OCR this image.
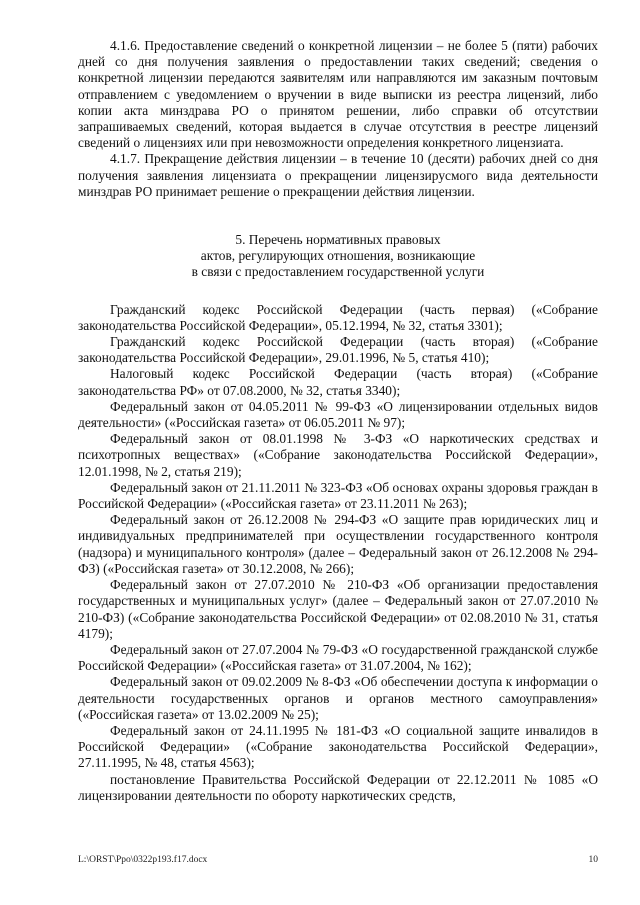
4.1.6. Предоставление сведений о конкретной лицензии – не более 5 (пяти) рабочих дней со дня получения заявления о предоставлении таких сведений; сведения о конкретной лицензии передаются заявителям или направляются им заказным почтовым отправлением с уведомлением о вручении в виде выписки из реестра лицензий, либо копии акта минздрава РО о принятом решении, либо справки об отсутствии запрашиваемых сведений, которая выдается в случае отсутствия в реестре лицензий сведений о лицензиях или при невозможности определения конкретного лицензиата.

4.1.7. Прекращение действия лицензии – в течение 10 (десяти) рабочих дней со дня получения заявления лицензиата о прекращении лицензирусмого вида деятельности минздрав РО принимает решение о прекращении действия лицензии.

5. Перечень нормативных правовых
актов, регулирующих отношения, возникающие
в связи с предоставлением государственной услуги

Гражданский кодекс Российской Федерации (часть первая) («Собрание законодательства Российской Федерации», 05.12.1994, № 32, статья 3301);

Гражданский кодекс Российской Федерации (часть вторая) («Собрание законодательства Российской Федерации», 29.01.1996, № 5, статья 410);

Налоговый кодекс Российской Федерации (часть вторая) («Собрание законодательства РФ» от 07.08.2000, № 32, статья 3340);

Федеральный закон от 04.05.2011 № 99-ФЗ «О лицензировании отдельных видов деятельности» («Российская газета» от 06.05.2011 № 97);

Федеральный закон от 08.01.1998 № 3-ФЗ «О наркотических средствах и психотропных веществах» («Собрание законодательства Российской Федерации», 12.01.1998, № 2, статья 219);

Федеральный закон от 21.11.2011 № 323-ФЗ «Об основах охраны здоровья граждан в Российской Федерации» («Российская газета» от 23.11.2011 № 263);

Федеральный закон от 26.12.2008 № 294-ФЗ «О защите прав юридических лиц и индивидуальных предпринимателей при осуществлении государственного контроля (надзора) и муниципального контроля» (далее – Федеральный закон от 26.12.2008 № 294-ФЗ) («Российская газета» от 30.12.2008, № 266);

Федеральный закон от 27.07.2010 № 210-ФЗ «Об организации предоставления государственных и муниципальных услуг» (далее – Федеральный закон от 27.07.2010 № 210-ФЗ) («Собрание законодательства Российской Федерации» от 02.08.2010 № 31, статья 4179);

Федеральный закон от 27.07.2004 № 79-ФЗ «О государственной гражданской службе Российской Федерации» («Российская газета» от 31.07.2004, № 162);

Федеральный закон от 09.02.2009 № 8-ФЗ «Об обеспечении доступа к информации о деятельности государственных органов и органов местного самоуправления» («Российская газета» от 13.02.2009 № 25);

Федеральный закон от 24.11.1995 № 181-ФЗ «О социальной защите инвалидов в Российской Федерации» («Собрание законодательства Российской Федерации», 27.11.1995, № 48, статья 4563);

постановление Правительства Российской Федерации от 22.12.2011 № 1085 «О лицензировании деятельности по обороту наркотических средств,

L:\ORST\Ppo\0322p193.f17.docx	10
